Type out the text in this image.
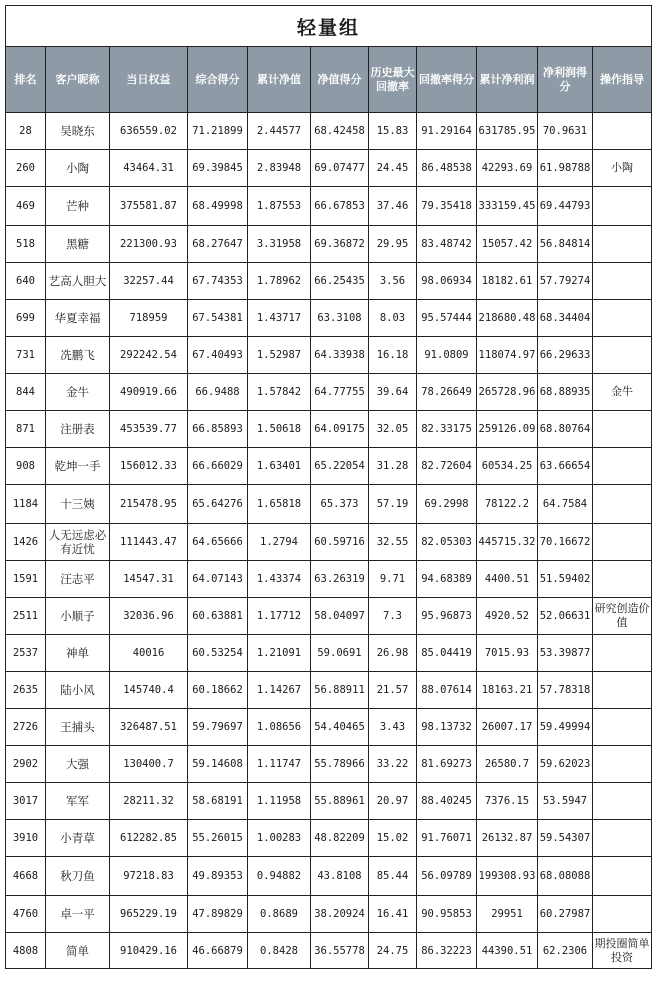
轻量组										
排名	客户昵称	当日权益	综合得分	累计净值	净值得分	历史最大回撤率	回撤率得分	累计净利润	净利润得分	操作指导
28	吴晓东	636559.02	71.21899	2.44577	68.42458	15.83	91.29164	631785.95	70.9631	
260	小陶	43464.31	69.39845	2.83948	69.07477	24.45	86.48538	42293.69	61.98788	小陶
469	芒种	375581.87	68.49998	1.87553	66.67853	37.46	79.35418	333159.45	69.44793	
518	黑糖	221300.93	68.27647	3.31958	69.36872	29.95	83.48742	15057.42	56.84814	
640	艺高人胆大	32257.44	67.74353	1.78962	66.25435	3.56	98.06934	18182.61	57.79274	
699	华夏幸福	718959	67.54381	1.43717	63.3108	8.03	95.57444	218680.48	68.34404	
731	冼鹏飞	292242.54	67.40493	1.52987	64.33938	16.18	91.0809	118074.97	66.29633	
844	金牛	490919.66	66.9488	1.57842	64.77755	39.64	78.26649	265728.96	68.88935	金牛
871	注册表	453539.77	66.85893	1.50618	64.09175	32.05	82.33175	259126.09	68.80764	
908	乾坤一手	156012.33	66.66029	1.63401	65.22054	31.28	82.72604	60534.25	63.66654	
1184	十三姨	215478.95	65.64276	1.65818	65.373	57.19	69.2998	78122.2	64.7584	
1426	人无远虑必有近忧	111443.47	64.65666	1.2794	60.59716	32.55	82.05303	445715.32	70.16672	
1591	汪志平	14547.31	64.07143	1.43374	63.26319	9.71	94.68389	4400.51	51.59402	
2511	小顺子	32036.96	60.63881	1.17712	58.04097	7.3	95.96873	4920.52	52.06631	研究创造价值
2537	神单	40016	60.53254	1.21091	59.0691	26.98	85.04419	7015.93	53.39877	
2635	陆小风	145740.4	60.18662	1.14267	56.88911	21.57	88.07614	18163.21	57.78318	
2726	王捕头	326487.51	59.79697	1.08656	54.40465	3.43	98.13732	26007.17	59.49994	
2902	大强	130400.7	59.14608	1.11747	55.78966	33.22	81.69273	26580.7	59.62023	
3017	军军	28211.32	58.68191	1.11958	55.88961	20.97	88.40245	7376.15	53.5947	
3910	小青草	612282.85	55.26015	1.00283	48.82209	15.02	91.76071	26132.87	59.54307	
4668	秋刀鱼	97218.83	49.89353	0.94882	43.8108	85.44	56.09789	199308.93	68.08088	
4760	卓一平	965229.19	47.89829	0.8689	38.20924	16.41	90.95853	29951	60.27987	
4808	简单	910429.16	46.66879	0.8428	36.55778	24.75	86.32223	44390.51	62.2306	期投圈简单投资
